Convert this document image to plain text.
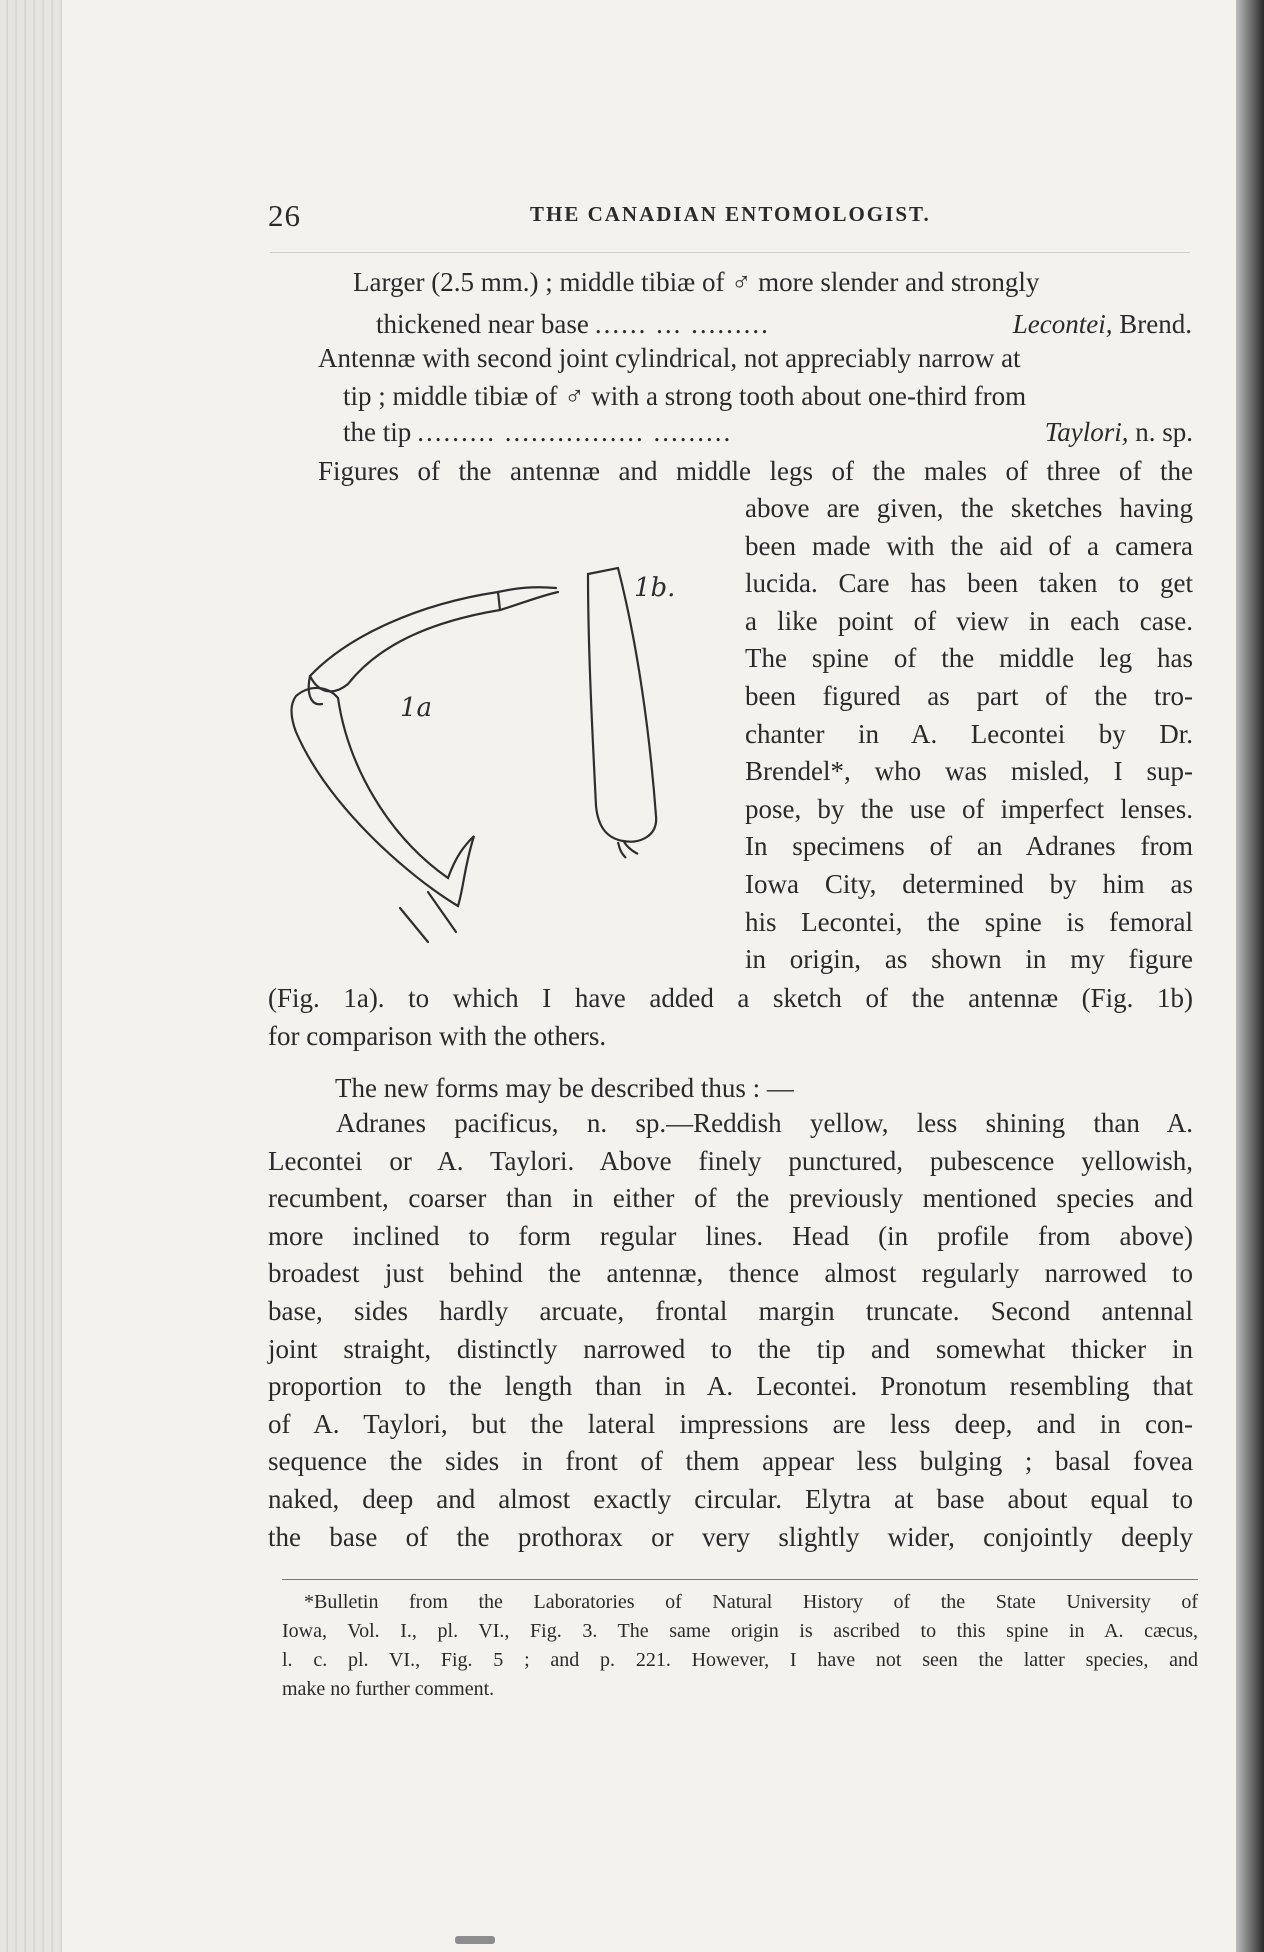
26	THE CANADIAN ENTOMOLOGIST.
Larger (2.5 mm.) ; middle tibiæ of ♂ more slender and strongly
thickened near base ...... ... .........	Lecontei, Brend.
Antennæ with second joint cylindrical, not appreciably narrow at
tip ; middle tibiæ of ♂ with a strong tooth about one-third from
the tip ......... ................ .........	Taylori, n. sp.
Figures of the antennæ and middle legs of the males of three of the
1a
1b.
above are given, the sketches having
been made with the aid of a camera
lucida. Care has been taken to get
a like point of view in each case.
The spine of the middle leg has
been figured as part of the tro-
chanter in A. Lecontei by Dr.
Brendel*, who was misled, I sup-
pose, by the use of imperfect lenses.
In specimens of an Adranes from
Iowa City, determined by him as
his Lecontei, the spine is femoral
in origin, as shown in my figure
(Fig. 1a). to which I have added a sketch of the antennæ (Fig. 1b)
for comparison with the others.
The new forms may be described thus : —
Adranes pacificus, n. sp.—Reddish yellow, less shining than A.
Lecontei or A. Taylori. Above finely punctured, pubescence yellowish,
recumbent, coarser than in either of the previously mentioned species and
more inclined to form regular lines. Head (in profile from above)
broadest just behind the antennæ, thence almost regularly narrowed to
base, sides hardly arcuate, frontal margin truncate. Second antennal
joint straight, distinctly narrowed to the tip and somewhat thicker in
proportion to the length than in A. Lecontei. Pronotum resembling that
of A. Taylori, but the lateral impressions are less deep, and in con-
sequence the sides in front of them appear less bulging ; basal fovea
naked, deep and almost exactly circular. Elytra at base about equal to
the base of the prothorax or very slightly wider, conjointly deeply
*Bulletin from the Laboratories of Natural History of the State University of
Iowa, Vol. I., pl. VI., Fig. 3. The same origin is ascribed to this spine in A. cæcus,
l. c. pl. VI., Fig. 5 ; and p. 221. However, I have not seen the latter species, and
make no further comment.
